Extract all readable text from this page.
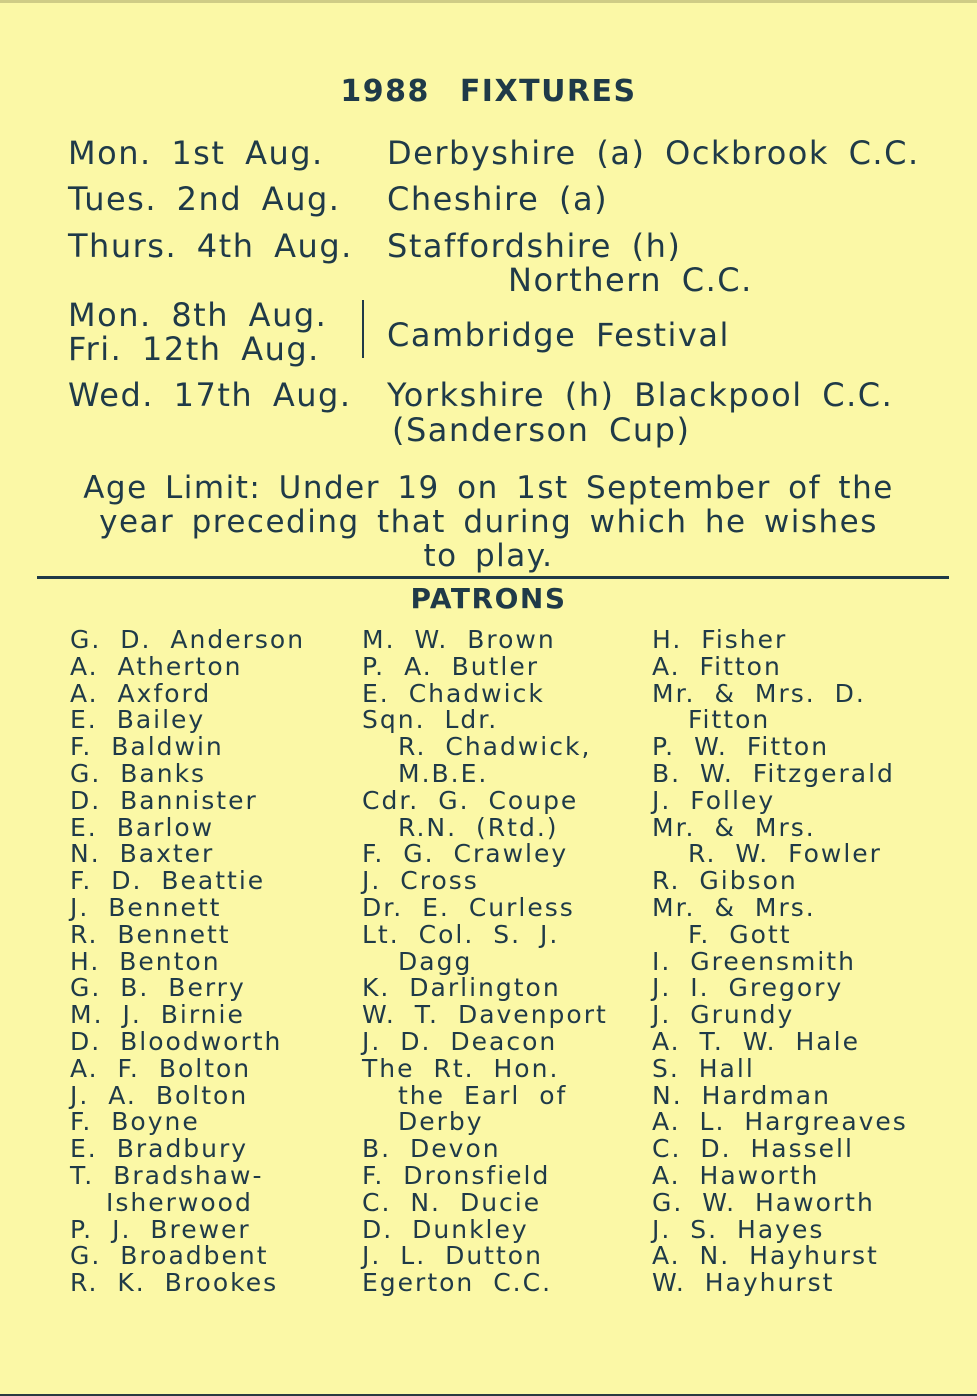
1988 FIXTURES
Mon. 1st Aug. Derbyshire (a) Ockbrook C.C.
Tues. 2nd Aug. Cheshire (a)
Thurs. 4th Aug. Staffordshire (h)
Northern C.C.
Mon. 8th Aug.
Fri. 12th Aug. Cambridge Festival
Wed. 17th Aug. Yorkshire (h) Blackpool C.C.
(Sanderson Cup)
Age Limit: Under 19 on 1st September of the
year preceding that during which he wishes
to play.
PATRONS
G. D. Anderson
A. Atherton
A. Axford
E. Bailey
F. Baldwin
G. Banks
D. Bannister
E. Barlow
N. Baxter
F. D. Beattie
J. Bennett
R. Bennett
H. Benton
G. B. Berry
M. J. Birnie
D. Bloodworth
A. F. Bolton
J. A. Bolton
F. Boyne
E. Bradbury
T. Bradshaw-
Isherwood
P. J. Brewer
G. Broadbent
R. K. Brookes
M. W. Brown
P. A. Butler
E. Chadwick
Sqn. Ldr.
R. Chadwick,
M.B.E.
Cdr. G. Coupe
R.N. (Rtd.)
F. G. Crawley
J. Cross
Dr. E. Curless
Lt. Col. S. J.
Dagg
K. Darlington
W. T. Davenport
J. D. Deacon
The Rt. Hon.
the Earl of
Derby
B. Devon
F. Dronsfield
C. N. Ducie
D. Dunkley
J. L. Dutton
Egerton C.C.
H. Fisher
A. Fitton
Mr. & Mrs. D.
Fitton
P. W. Fitton
B. W. Fitzgerald
J. Folley
Mr. & Mrs.
R. W. Fowler
R. Gibson
Mr. & Mrs.
F. Gott
I. Greensmith
J. I. Gregory
J. Grundy
A. T. W. Hale
S. Hall
N. Hardman
A. L. Hargreaves
C. D. Hassell
A. Haworth
G. W. Haworth
J. S. Hayes
A. N. Hayhurst
W. Hayhurst
